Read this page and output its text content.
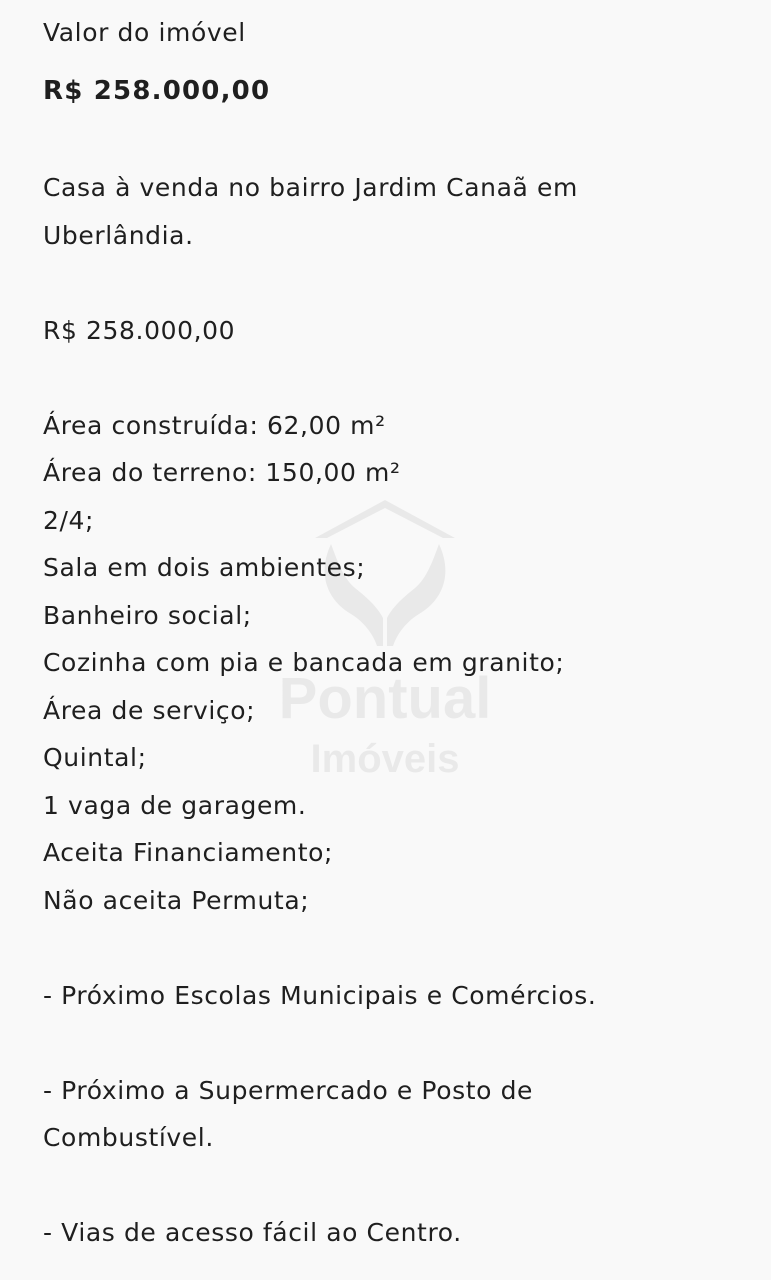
Pontual
Imóveis
Valor do imóvel
R$ 258.000,00
Casa à venda no bairro Jardim Canaã em
Uberlândia.
R$ 258.000,00
Área construída: 62,00 m²
Área do terreno: 150,00 m²
2/4;
Sala em dois ambientes;
Banheiro social;
Cozinha com pia e bancada em granito;
Área de serviço;
Quintal;
1 vaga de garagem.
Aceita Financiamento;
Não aceita Permuta;
- Próximo Escolas Municipais e Comércios.
- Próximo a Supermercado e Posto de
Combustível.
- Vias de acesso fácil ao Centro.
